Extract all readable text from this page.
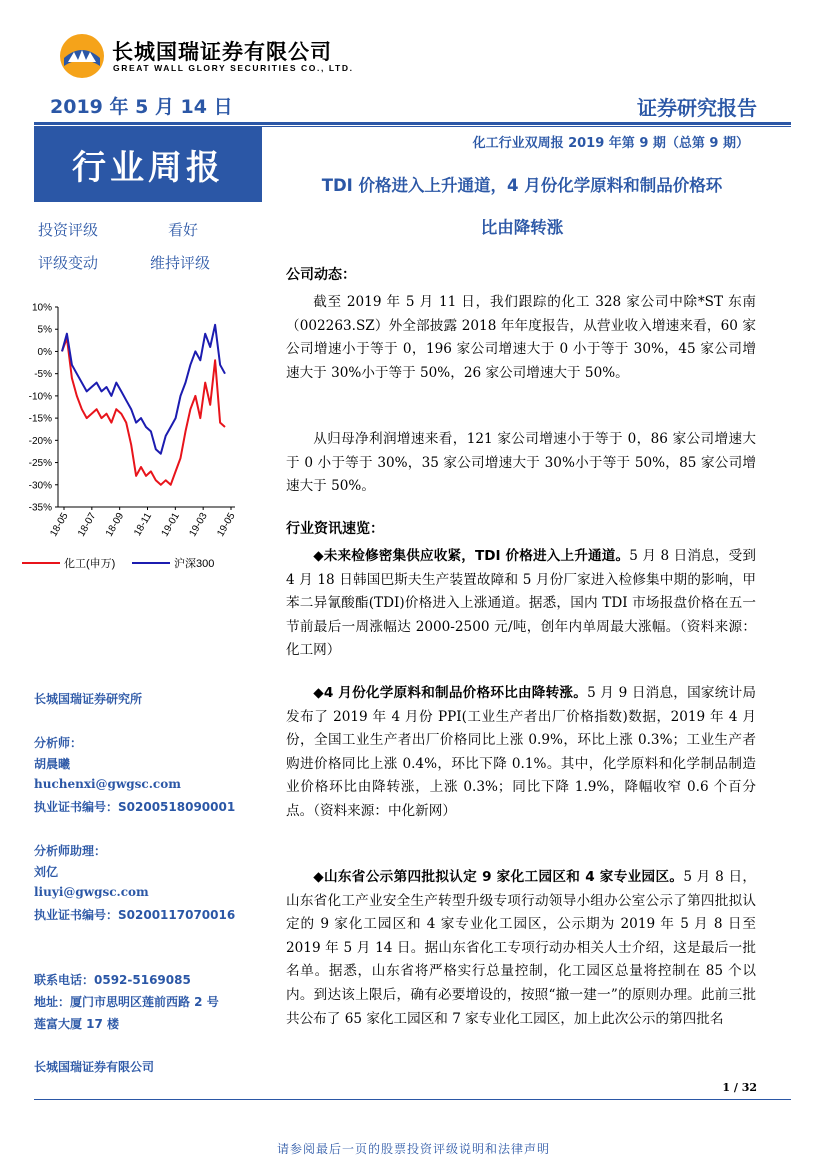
长城国瑞证券有限公司
GREAT WALL GLORY SECURITIES CO., LTD.
2019 年 5 月 14 日	证券研究报告
行业周报
化工行业双周报 2019 年第 9 期（总第 9 期）
TDI 价格进入上升通道，4 月份化学原料和制品价格环
比由降转涨
投资评级	看好
评级变动	维持评级
10%
5%
0%
-5%
-10%
-15%
-20%
-25%
-30%
-35%
18-05 18-07 18-09 18-11 19-01 19-03 19-05
化工(申万)	沪深300
公司动态：
截至 2019 年 5 月 11 日，我们跟踪的化工 328 家公司中除*ST 东南（002263.SZ）外全部披露 2018 年年度报告，从营业收入增速来看，60 家公司增速小于等于 0，196 家公司增速大于 0 小于等于 30%，45 家公司增速大于 30%小于等于 50%，26 家公司增速大于 50%。
从归母净利润增速来看，121 家公司增速小于等于 0，86 家公司增速大于 0 小于等于 30%，35 家公司增速大于 30%小于等于 50%，85 家公司增速大于 50%。
行业资讯速览：
◆未来检修密集供应收紧，TDI 价格进入上升通道。5 月 8 日消息，受到 4 月 18 日韩国巴斯夫生产装置故障和 5 月份厂家进入检修集中期的影响，甲苯二异氰酸酯(TDI)价格进入上涨通道。据悉，国内 TDI 市场报盘价格在五一节前最后一周涨幅达 2000-2500 元/吨，创年内单周最大涨幅。（资料来源：化工网）
◆4 月份化学原料和制品价格环比由降转涨。5 月 9 日消息，国家统计局发布了 2019 年 4 月份 PPI(工业生产者出厂价格指数)数据，2019 年 4 月份，全国工业生产者出厂价格同比上涨 0.9%，环比上涨 0.3%；工业生产者购进价格同比上涨 0.4%，环比下降 0.1%。其中，化学原料和化学制品制造业价格环比由降转涨，上涨 0.3%；同比下降 1.9%，降幅收窄 0.6 个百分点。（资料来源：中化新网）
◆山东省公示第四批拟认定 9 家化工园区和 4 家专业园区。5 月 8 日，山东省化工产业安全生产转型升级专项行动领导小组办公室公示了第四批拟认定的 9 家化工园区和 4 家专业化工园区，公示期为 2019 年 5 月 8 日至 2019 年 5 月 14 日。据山东省化工专项行动办相关人士介绍，这是最后一批名单。据悉，山东省将严格实行总量控制，化工园区总量将控制在 85 个以内。到达该上限后，确有必要增设的，按照“撤一建一”的原则办理。此前三批共公布了 65 家化工园区和 7 家专业化工园区，加上此次公示的第四批名
长城国瑞证券研究所
分析师：
胡晨曦
huchenxi@gwgsc.com
执业证书编号：S0200518090001
分析师助理：
刘亿
liuyi@gwgsc.com
执业证书编号：S0200117070016
联系电话：0592-5169085
地址：厦门市思明区莲前西路 2 号
莲富大厦 17 楼
长城国瑞证券有限公司
1 / 32
请参阅最后一页的股票投资评级说明和法律声明
